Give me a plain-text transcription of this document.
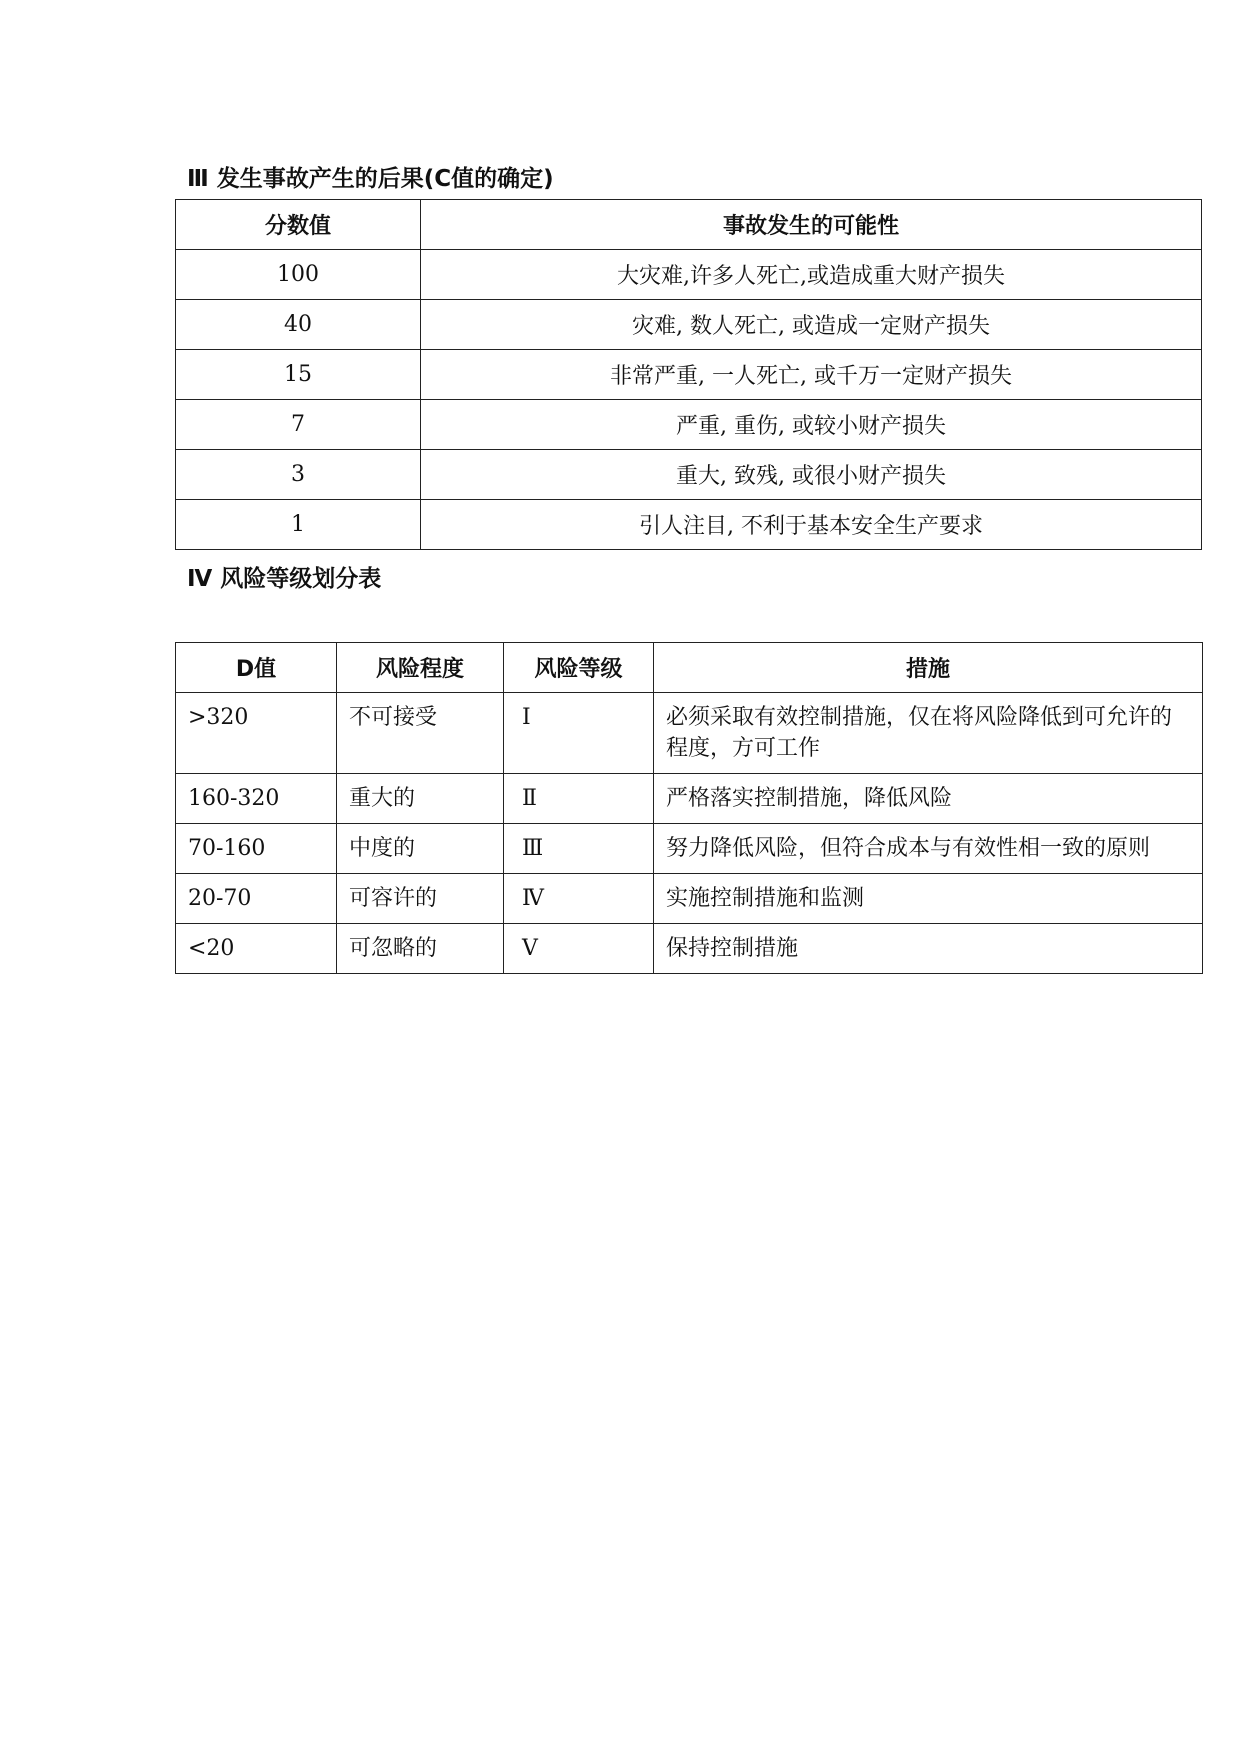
Ⅲ 发生事故产生的后果(C值的确定)
分数值	事故发生的可能性
100	大灾难,许多人死亡,或造成重大财产损失
40	灾难, 数人死亡, 或造成一定财产损失
15	非常严重, 一人死亡, 或千万一定财产损失
7	严重, 重伤, 或较小财产损失
3	重大, 致残, 或很小财产损失
1	引人注目, 不利于基本安全生产要求
Ⅳ 风险等级划分表
D值	风险程度	风险等级	措施
>320	不可接受	Ⅰ	必须采取有效控制措施，仅在将风险降低到可允许的程度，方可工作
160-320	重大的	Ⅱ	严格落实控制措施，降低风险
70-160	中度的	Ⅲ	努力降低风险，但符合成本与有效性相一致的原则
20-70	可容许的	Ⅳ	实施控制措施和监测
<20	可忽略的	Ⅴ	保持控制措施
